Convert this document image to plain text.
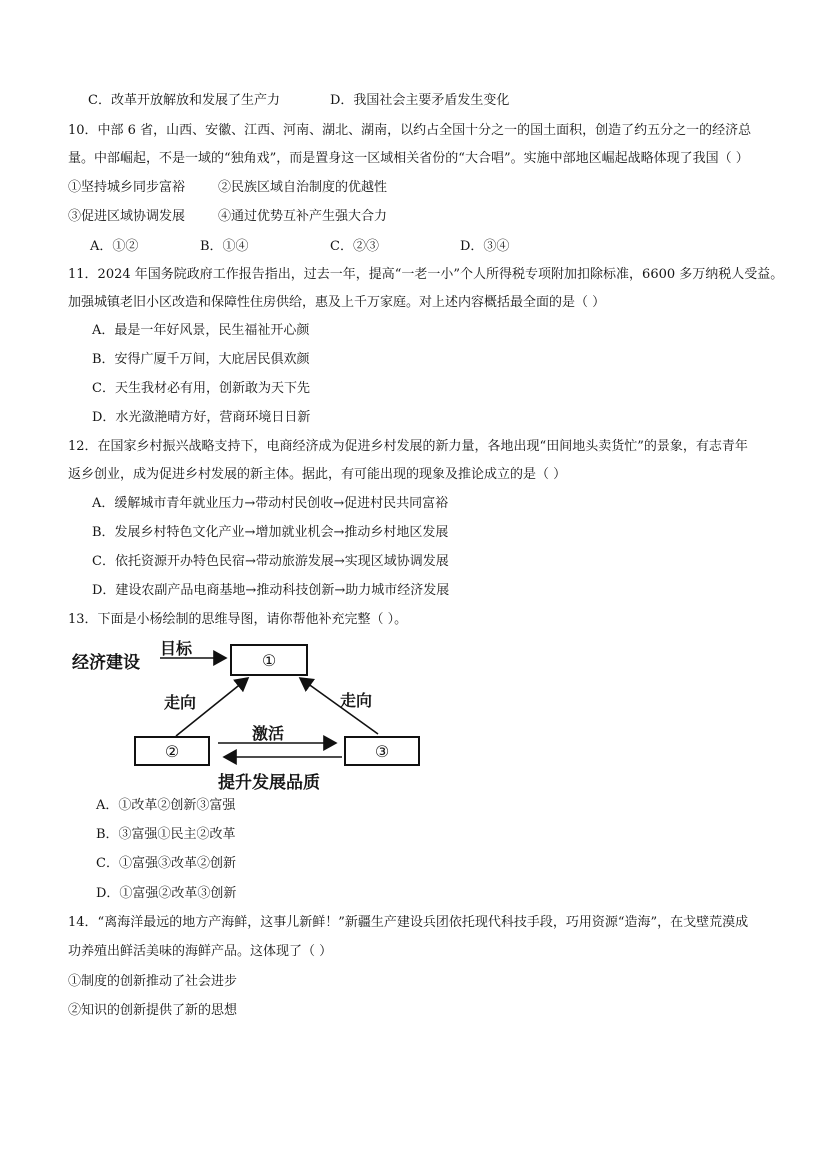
C．改革开放解放和发展了生产力	D．我国社会主要矛盾发生变化
10．中部 6 省，山西、安徽、江西、河南、湖北、湖南，以约占全国十分之一的国土面积，创造了约五分之一的经济总
量。中部崛起，不是一域的“独角戏”，而是置身这一区域相关省份的“大合唱”。实施中部地区崛起战略体现了我国（ ）
①坚持城乡同步富裕	②民族区域自治制度的优越性
③促进区域协调发展	④通过优势互补产生强大合力
A．①②	B．①④	C．②③	D．③④
11．2024 年国务院政府工作报告指出，过去一年，提高“一老一小”个人所得税专项附加扣除标准，6600 多万纳税人受益。
加强城镇老旧小区改造和保障性住房供给，惠及上千万家庭。对上述内容概括最全面的是（ ）
A．最是一年好风景，民生福祉开心颜
B．安得广厦千万间，大庇居民俱欢颜
C．天生我材必有用，创新敢为天下先
D．水光潋滟晴方好，营商环境日日新
12．在国家乡村振兴战略支持下，电商经济成为促进乡村发展的新力量，各地出现“田间地头卖货忙”的景象，有志青年
返乡创业，成为促进乡村发展的新主体。据此，有可能出现的现象及推论成立的是（ ）
A．缓解城市青年就业压力→带动村民创收→促进村民共同富裕
B．发展乡村特色文化产业→增加就业机会→推动乡村地区发展
C．依托资源开办特色民宿→带动旅游发展→实现区域协调发展
D．建设农副产品电商基地→推动科技创新→助力城市经济发展
13．下面是小杨绘制的思维导图，请你帮他补充完整（ ）。
经济建设
目标
①
走向	走向
②
激活
③
提升发展品质
A．①改革②创新③富强
B．③富强①民主②改革
C．①富强③改革②创新
D．①富强②改革③创新
14．“离海洋最远的地方产海鲜，这事儿新鲜！”新疆生产建设兵团依托现代科技手段，巧用资源“造海”，在戈壁荒漠成
功养殖出鲜活美味的海鲜产品。这体现了（ ）
①制度的创新推动了社会进步
②知识的创新提供了新的思想
